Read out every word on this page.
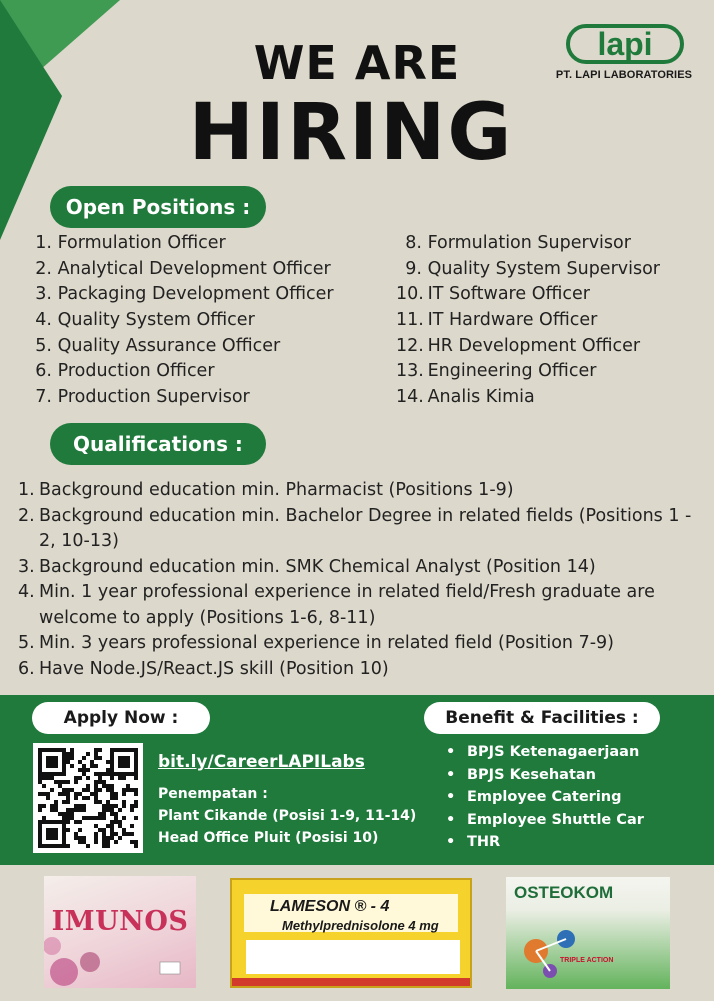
lapi
PT. LAPI LABORATORIES
WE ARE
HIRING
Open Positions :
1. Formulation Officer
2. Analytical Development Officer
3. Packaging Development Officer
4. Quality System Officer
5. Quality Assurance Officer
6. Production Officer
7. Production Supervisor
8. Formulation Supervisor
9. Quality System Supervisor
10. IT Software Officer
11. IT Hardware Officer
12. HR Development Officer
13. Engineering Officer
14. Analis Kimia
Qualifications :
1. Background education min. Pharmacist (Positions 1-9)
2. Background education min. Bachelor Degree in related fields (Positions 1 - 2, 10-13)
3. Background education min. SMK Chemical Analyst (Position 14)
4. Min. 1 year professional experience in related field/Fresh graduate are welcome to apply (Positions 1-6, 8-11)
5. Min. 3 years professional experience in related field (Position 7-9)
6. Have Node.JS/React.JS skill (Position 10)
Apply Now :	Benefit & Facilities :
bit.ly/CareerLAPILabs
Penempatan :
Plant Cikande (Posisi 1-9, 11-14)
Head Office Pluit (Posisi 10)
• BPJS Ketenagaerjaan
• BPJS Kesehatan
• Employee Catering
• Employee Shuttle Car
• THR
IMUNOS	LAMESON ® - 4
Methylprednisolone 4 mg
OSTEOKOM
TRIPLE ACTION
